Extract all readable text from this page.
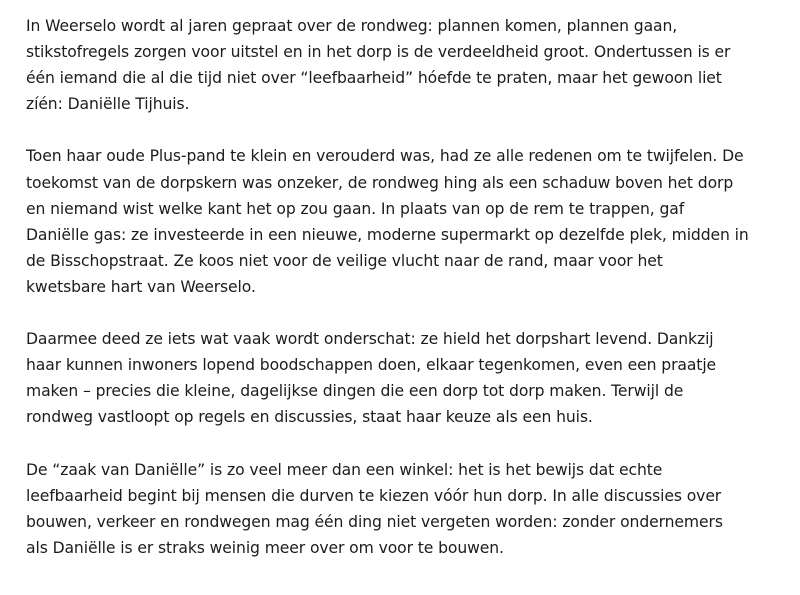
In Weerselo wordt al jaren gepraat over de rondweg: plannen komen, plannen gaan,
stikstofregels zorgen voor uitstel en in het dorp is de verdeeldheid groot. Ondertussen is er
één iemand die al die tijd niet over “leefbaarheid” hóefde te praten, maar het gewoon liet
zíén: Daniëlle Tijhuis.

Toen haar oude Plus-pand te klein en verouderd was, had ze alle redenen om te twijfelen. De
toekomst van de dorpskern was onzeker, de rondweg hing als een schaduw boven het dorp
en niemand wist welke kant het op zou gaan. In plaats van op de rem te trappen, gaf
Daniëlle gas: ze investeerde in een nieuwe, moderne supermarkt op dezelfde plek, midden in
de Bisschopstraat. Ze koos niet voor de veilige vlucht naar de rand, maar voor het
kwetsbare hart van Weerselo.

Daarmee deed ze iets wat vaak wordt onderschat: ze hield het dorpshart levend. Dankzij
haar kunnen inwoners lopend boodschappen doen, elkaar tegenkomen, even een praatje
maken – precies die kleine, dagelijkse dingen die een dorp tot dorp maken. Terwijl de
rondweg vastloopt op regels en discussies, staat haar keuze als een huis.

De “zaak van Daniëlle” is zo veel meer dan een winkel: het is het bewijs dat echte
leefbaarheid begint bij mensen die durven te kiezen vóór hun dorp. In alle discussies over
bouwen, verkeer en rondwegen mag één ding niet vergeten worden: zonder ondernemers
als Daniëlle is er straks weinig meer over om voor te bouwen.
